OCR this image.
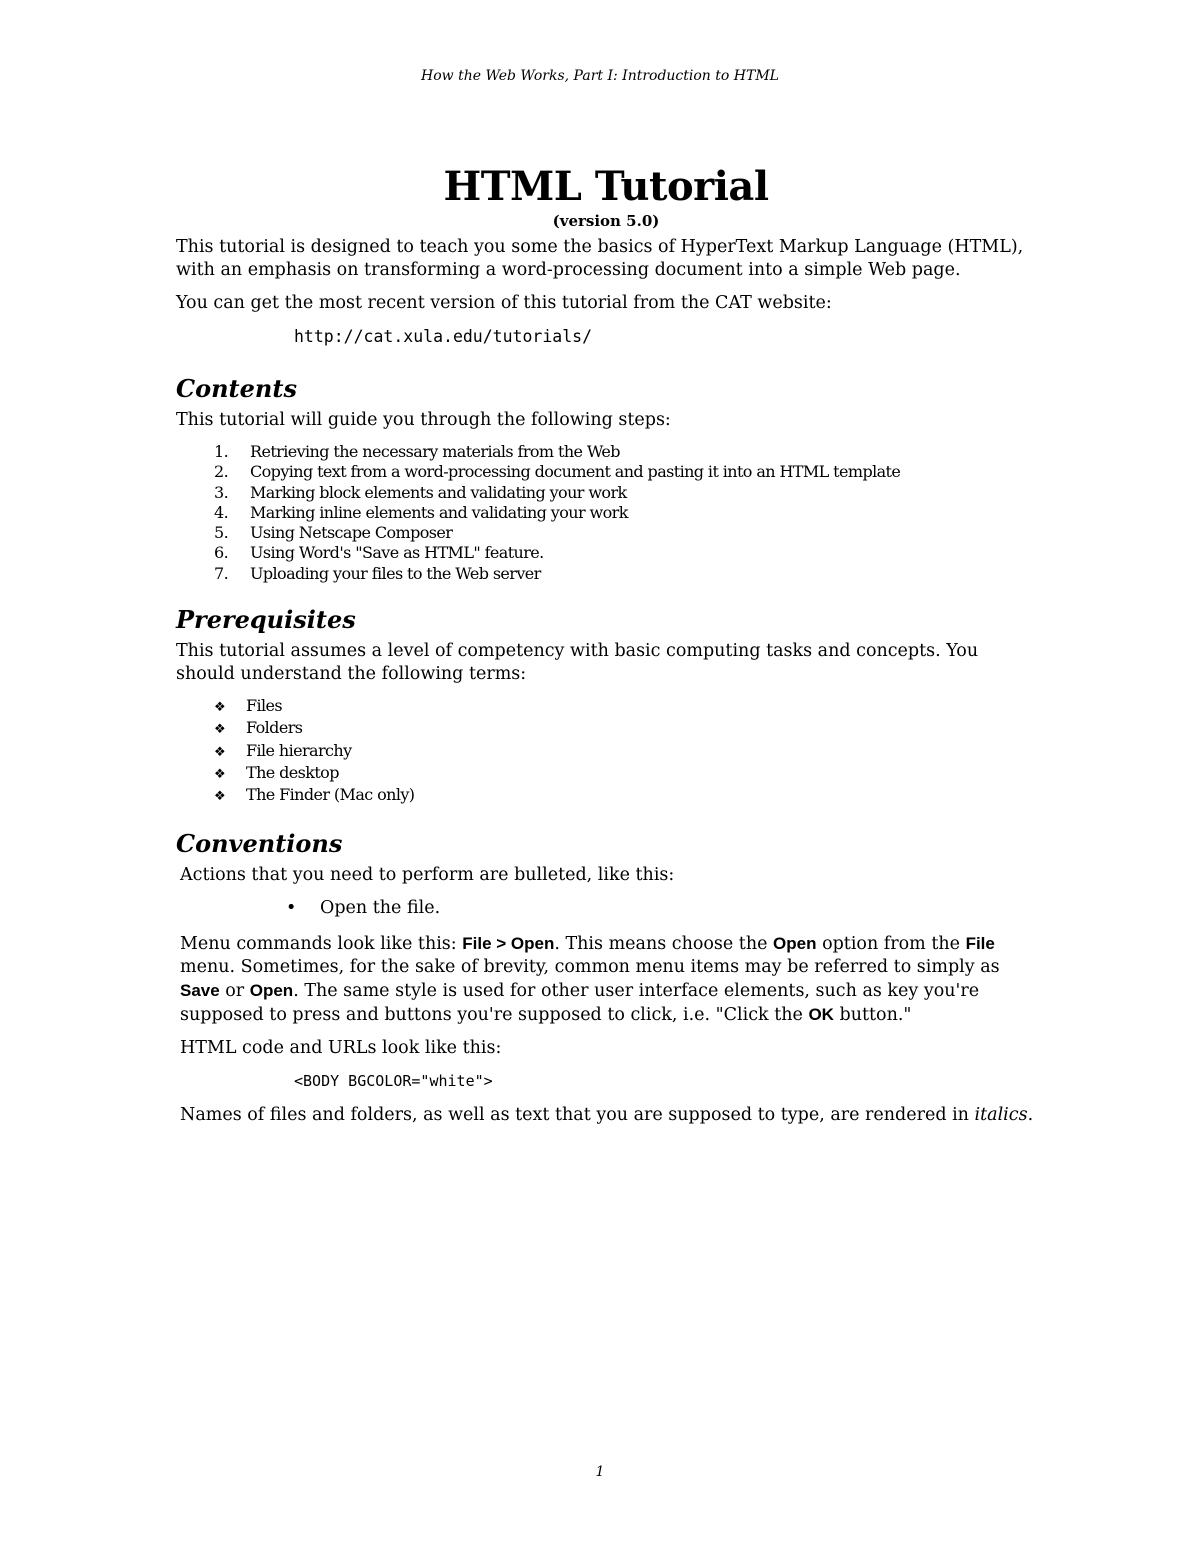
How the Web Works, Part I: Introduction to HTML
HTML Tutorial
(version 5.0)

This tutorial is designed to teach you some the basics of HyperText Markup Language (HTML), with an emphasis on transforming a word-processing document into a simple Web page.

You can get the most recent version of this tutorial from the CAT website:

http://cat.xula.edu/tutorials/
Contents

This tutorial will guide you through the following steps:

1. Retrieving the necessary materials from the Web
2. Copying text from a word-processing document and pasting it into an HTML template
3. Marking block elements and validating your work
4. Marking inline elements and validating your work
5. Using Netscape Composer
6. Using Word's "Save as HTML" feature.
7. Uploading your files to the Web server
Prerequisites

This tutorial assumes a level of competency with basic computing tasks and concepts. You should understand the following terms:

❖ Files
❖ Folders
❖ File hierarchy
❖ The desktop
❖ The Finder (Mac only)
Conventions

Actions that you need to perform are bulleted, like this:

• Open the file.

Menu commands look like this: File > Open. This means choose the Open option from the File menu. Sometimes, for the sake of brevity, common menu items may be referred to simply as Save or Open. The same style is used for other user interface elements, such as key you're supposed to press and buttons you're supposed to click, i.e. "Click the OK button."

HTML code and URLs look like this:

<BODY BGCOLOR="white">

Names of files and folders, as well as text that you are supposed to type, are rendered in italics.

1
